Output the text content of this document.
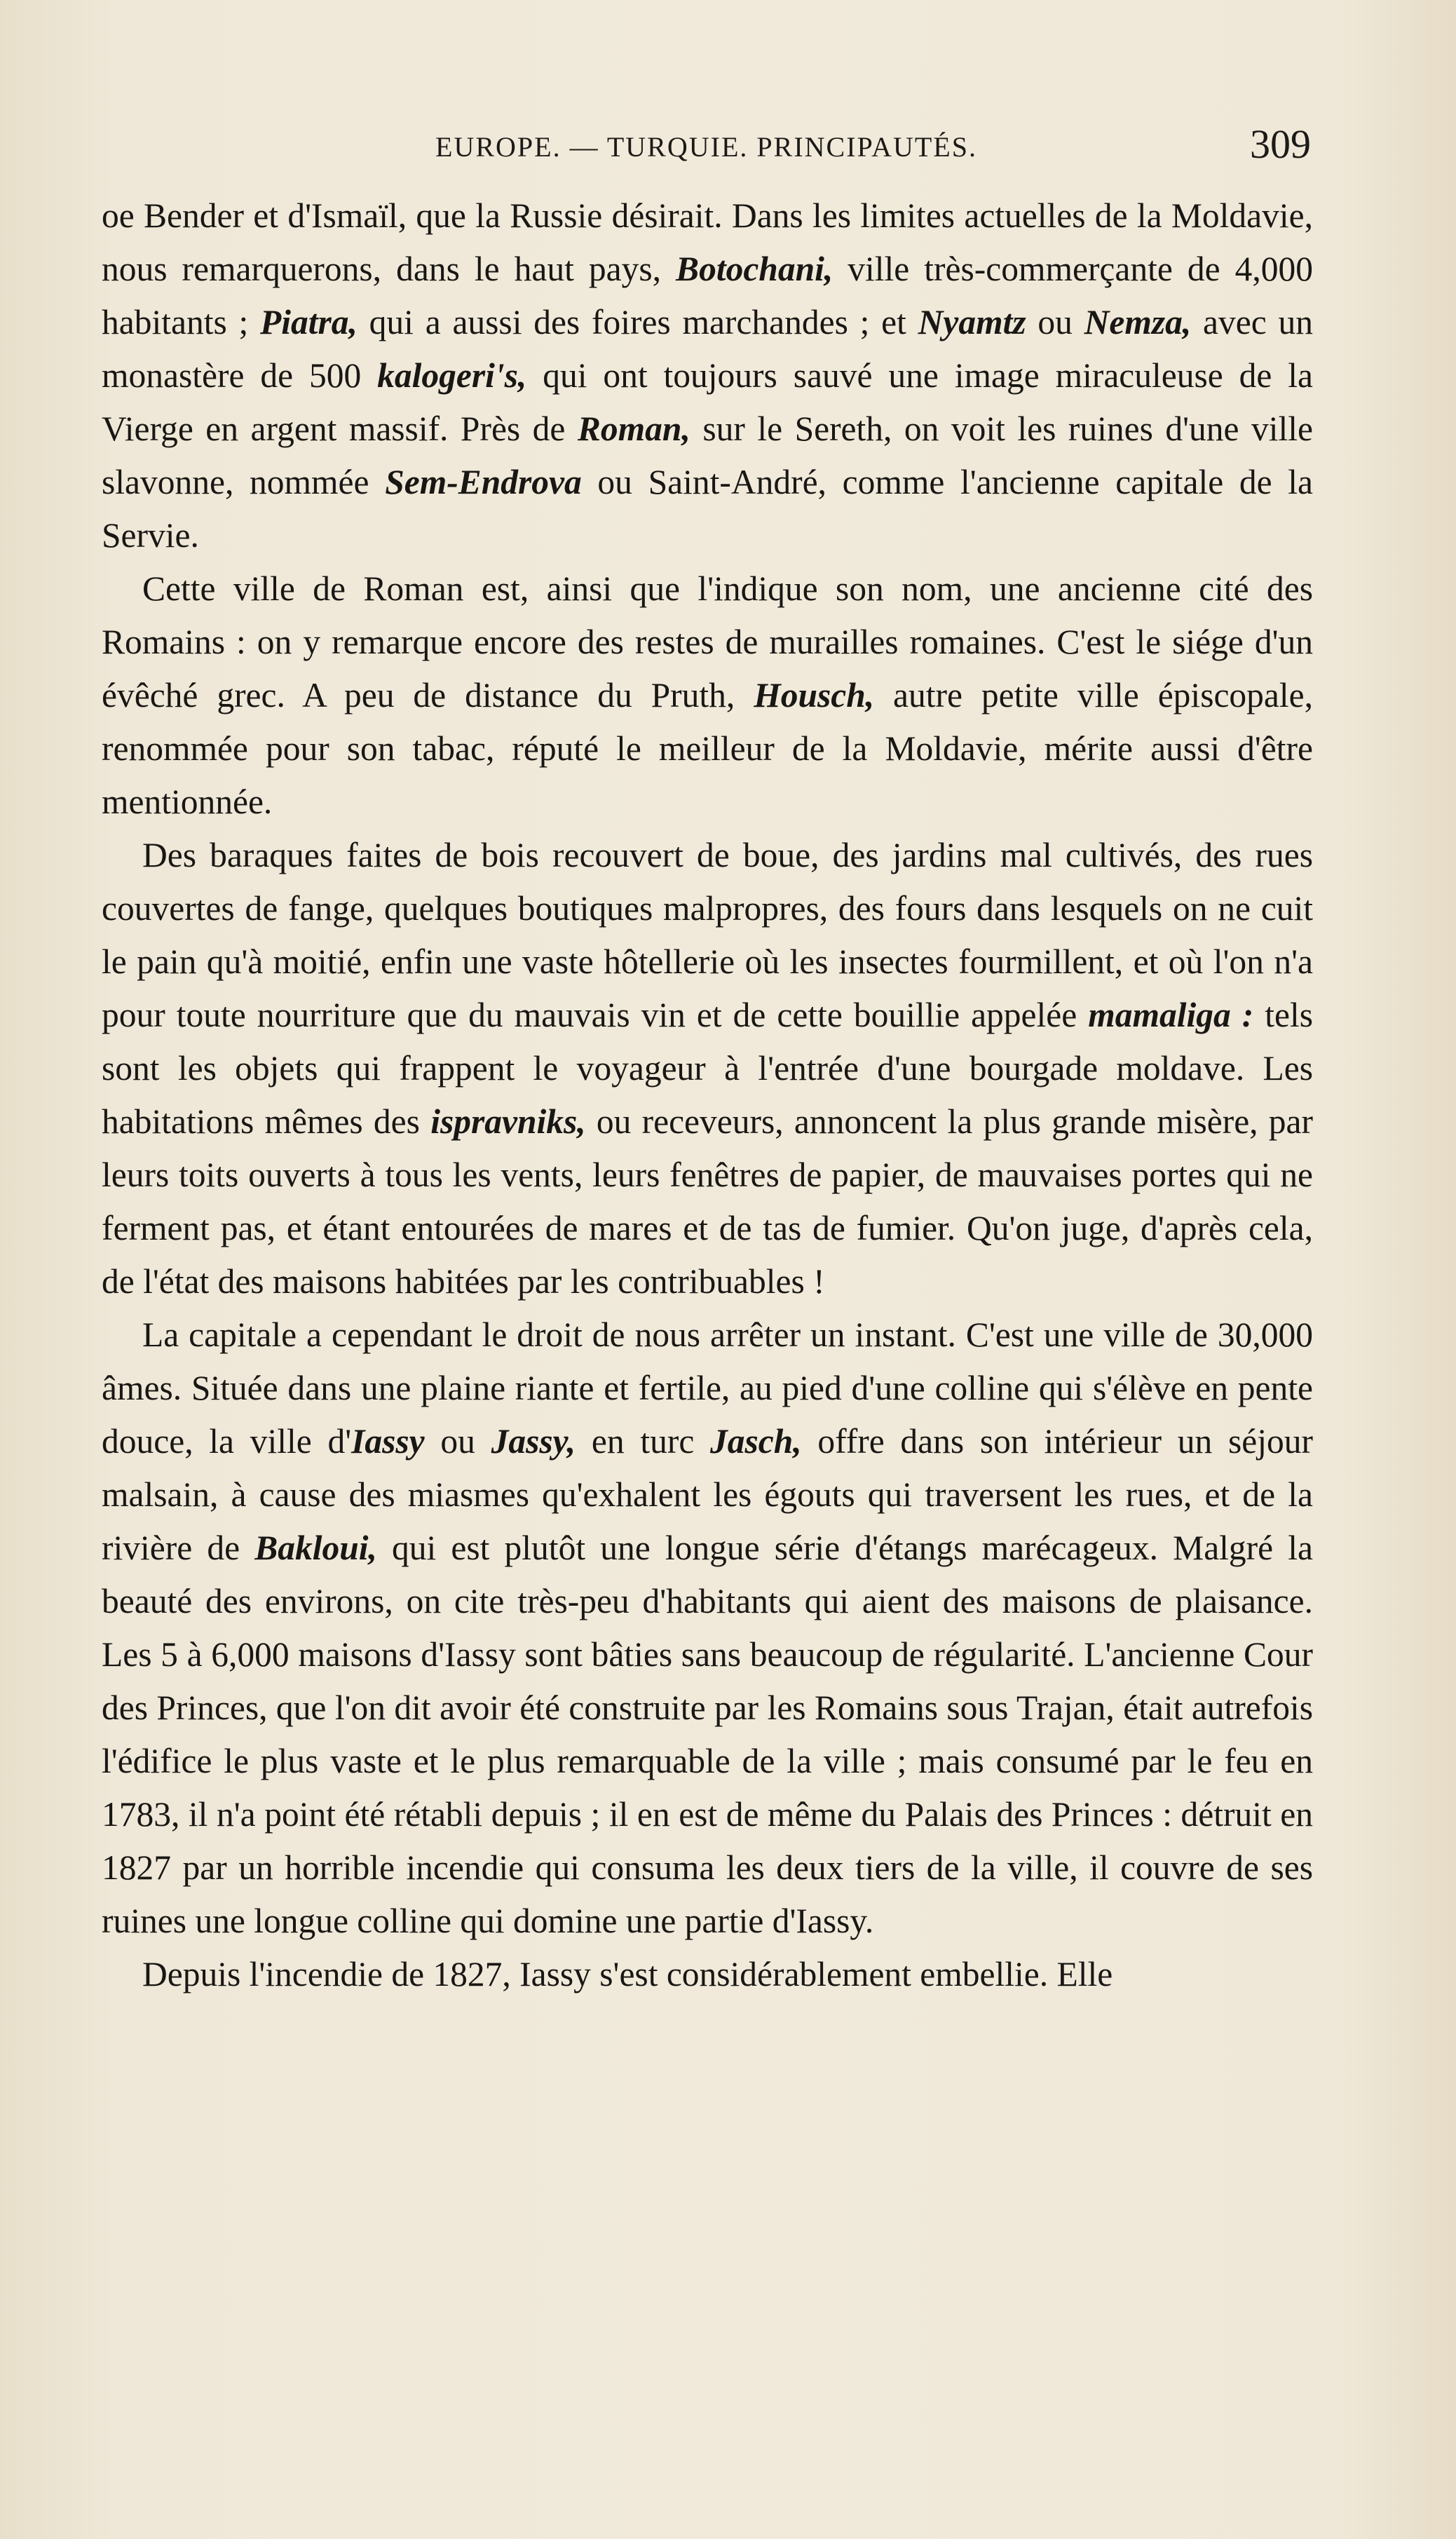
EUROPE. — TURQUIE. PRINCIPAUTÉS.	309

oe Bender et d'Ismaïl, que la Russie désirait. Dans les limites actuelles de la Moldavie, nous remarquerons, dans le haut pays, Botochani, ville très-commerçante de 4,000 habitants ; Piatra, qui a aussi des foires marchandes ; et Nyamtz ou Nemza, avec un monastère de 500 kalogeri's, qui ont toujours sauvé une image miraculeuse de la Vierge en argent massif. Près de Roman, sur le Sereth, on voit les ruines d'une ville slavonne, nommée Sem-Endrova ou Saint-André, comme l'ancienne capitale de la Servie.

Cette ville de Roman est, ainsi que l'indique son nom, une ancienne cité des Romains : on y remarque encore des restes de murailles romaines. C'est le siége d'un évêché grec. A peu de distance du Pruth, Housch, autre petite ville épiscopale, renommée pour son tabac, réputé le meilleur de la Moldavie, mérite aussi d'être mentionnée.

Des baraques faites de bois recouvert de boue, des jardins mal cultivés, des rues couvertes de fange, quelques boutiques malpropres, des fours dans lesquels on ne cuit le pain qu'à moitié, enfin une vaste hôtellerie où les insectes fourmillent, et où l'on n'a pour toute nourriture que du mauvais vin et de cette bouillie appelée mamaliga : tels sont les objets qui frappent le voyageur à l'entrée d'une bourgade moldave. Les habitations mêmes des ispravniks, ou receveurs, annoncent la plus grande misère, par leurs toits ouverts à tous les vents, leurs fenêtres de papier, de mauvaises portes qui ne ferment pas, et étant entourées de mares et de tas de fumier. Qu'on juge, d'après cela, de l'état des maisons habitées par les contribuables !

La capitale a cependant le droit de nous arrêter un instant. C'est une ville de 30,000 âmes. Située dans une plaine riante et fertile, au pied d'une colline qui s'élève en pente douce, la ville d'Iassy ou Jassy, en turc Jasch, offre dans son intérieur un séjour malsain, à cause des miasmes qu'exhalent les égouts qui traversent les rues, et de la rivière de Bakloui, qui est plutôt une longue série d'étangs marécageux. Malgré la beauté des environs, on cite très-peu d'habitants qui aient des maisons de plaisance. Les 5 à 6,000 maisons d'Iassy sont bâties sans beaucoup de régularité. L'ancienne Cour des Princes, que l'on dit avoir été construite par les Romains sous Trajan, était autrefois l'édifice le plus vaste et le plus remarquable de la ville ; mais consumé par le feu en 1783, il n'a point été rétabli depuis ; il en est de même du Palais des Princes : détruit en 1827 par un horrible incendie qui consuma les deux tiers de la ville, il couvre de ses ruines une longue colline qui domine une partie d'Iassy.

Depuis l'incendie de 1827, Iassy s'est considérablement embellie. Elle
